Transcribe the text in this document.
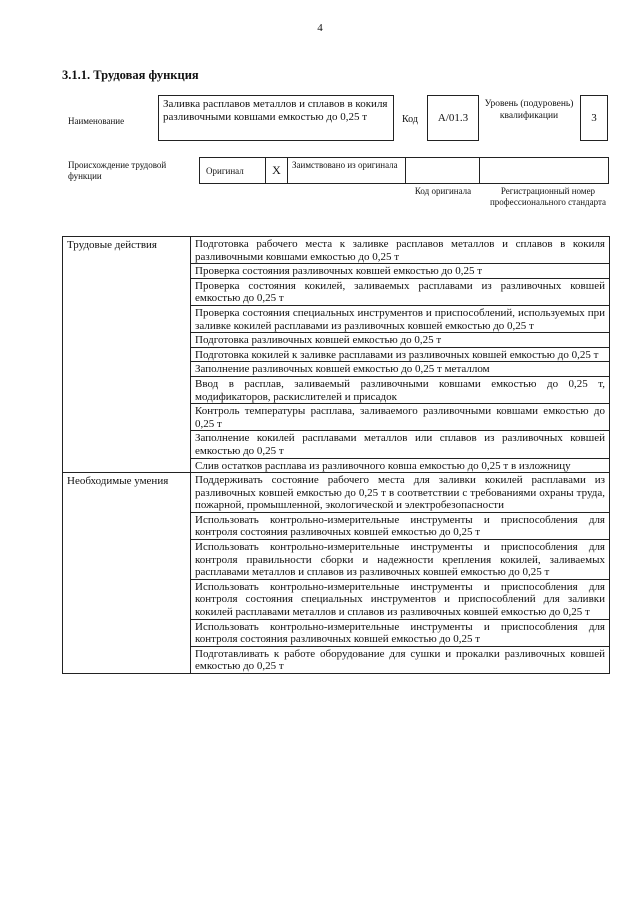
4
3.1.1. Трудовая функция
Наименование
Заливка расплавов металлов и сплавов в кокиля разливочными ковшами емкостью до 0,25 т	Код	A/01.3
Уровень (подуровень) квалификации	3
Происхождение трудовой функции	Оригинал	X	Заимствовано из оригинала
Код оригинала	Регистрационный номер профессионального стандарта
Трудовые действия	Подготовка рабочего места к заливке расплавов металлов и сплавов в кокиля разливочными ковшами емкостью до 0,25 т
	Проверка состояния разливочных ковшей емкостью до 0,25 т
	Проверка состояния кокилей, заливаемых расплавами из разливочных ковшей емкостью до 0,25 т
	Проверка состояния специальных инструментов и приспособлений, используемых при заливке кокилей расплавами из разливочных ковшей емкостью до 0,25 т
	Подготовка разливочных ковшей емкостью до 0,25 т
	Подготовка кокилей к заливке расплавами из разливочных ковшей емкостью до 0,25 т
	Заполнение разливочных ковшей емкостью до 0,25 т металлом
	Ввод в расплав, заливаемый разливочными ковшами емкостью до 0,25 т, модификаторов, раскислителей и присадок
	Контроль температуры расплава, заливаемого разливочными ковшами емкостью до 0,25 т
	Заполнение кокилей расплавами металлов или сплавов из разливочных ковшей емкостью до 0,25 т
	Слив остатков расплава из разливочного ковша емкостью до 0,25 т в изложницу
Необходимые умения	Поддерживать состояние рабочего места для заливки кокилей расплавами из разливочных ковшей емкостью до 0,25 т в соответствии с требованиями охраны труда, пожарной, промышленной, экологической и электробезопасности
	Использовать контрольно-измерительные инструменты и приспособления для контроля состояния разливочных ковшей емкостью до 0,25 т
	Использовать контрольно-измерительные инструменты и приспособления для контроля правильности сборки и надежности крепления кокилей, заливаемых расплавами металлов и сплавов из разливочных ковшей емкостью до 0,25 т
	Использовать контрольно-измерительные инструменты и приспособления для контроля состояния специальных инструментов и приспособлений для заливки кокилей расплавами металлов и сплавов из разливочных ковшей емкостью до 0,25 т
	Использовать контрольно-измерительные инструменты и приспособления для контроля состояния разливочных ковшей емкостью до 0,25 т
	Подготавливать к работе оборудование для сушки и прокалки разливочных ковшей емкостью до 0,25 т
